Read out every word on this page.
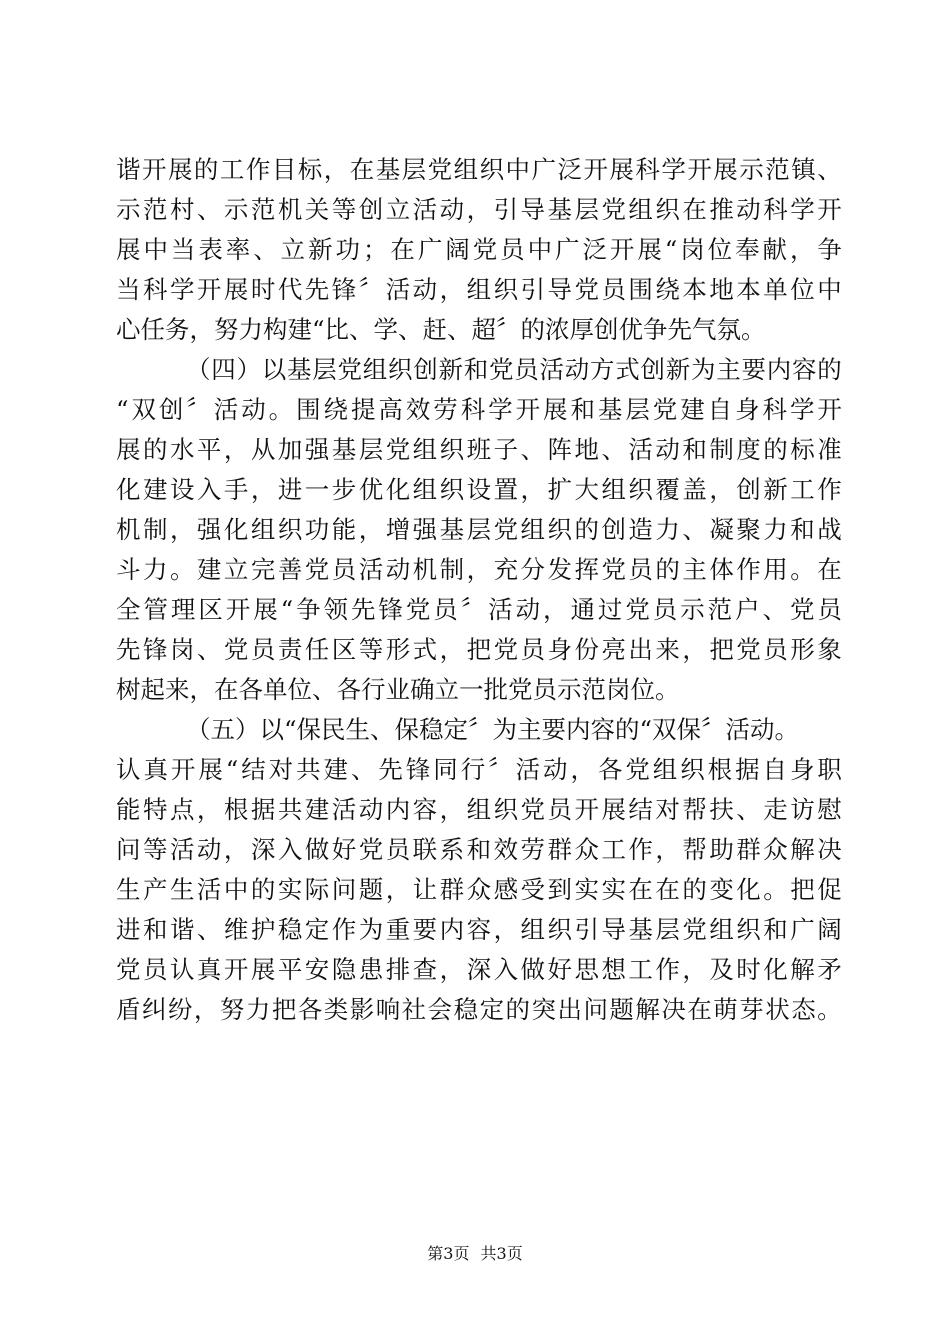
谐 开 展 的 工 作 目 标 ， 在 基 层 党 组 织 中 广 泛 开 展 科 学 开 展 示 范 镇 、
示 范 村 、 示 范 机 关 等 创 立 活 动 ， 引 导 基 层 党 组 织 在 推 动 科 学 开
展 中 当 表 率 、 立 新 功 ； 在 广 阔 党 员 中 广 泛 开 展 “ 岗 位 奉 献 ， 争
当 科 学 开 展 时 代 先 锋 〞 活 动 ， 组 织 引 导 党 员 围 绕 本 地 本 单 位 中
心任务，努力构建“比、学、赶、超〞的浓厚创优争先气氛。
（ 四 ） 以 基 层 党 组 织 创 新 和 党 员 活 动 方 式 创 新 为 主 要 内 容 的
“ 双 创 〞 活 动 。 围 绕 提 高 效 劳 科 学 开 展 和 基 层 党 建 自 身 科 学 开
展 的 水 平 ， 从 加 强 基 层 党 组 织 班 子 、 阵 地 、 活 动 和 制 度 的 标 准
化 建 设 入 手 ， 进 一 步 优 化 组 织 设 置 ， 扩 大 组 织 覆 盖 ， 创 新 工 作
机 制 ， 强 化 组 织 功 能 ， 增 强 基 层 党 组 织 的 创 造 力 、 凝 聚 力 和 战
斗 力 。 建 立 完 善 党 员 活 动 机 制 ， 充 分 发 挥 党 员 的 主 体 作 用 。 在
全 管 理 区 开 展 “ 争 领 先 锋 党 员 〞 活 动 ， 通 过 党 员 示 范 户 、 党 员
先 锋 岗 、 党 员 责 任 区 等 形 式 ， 把 党 员 身 份 亮 出 来 ， 把 党 员 形 象
树起来，在各单位、各行业确立一批党员示范岗位。
（五）以“保民生、保稳定〞为主要内容的“双保〞活动。
认 真 开 展 “ 结 对 共 建 、 先 锋 同 行 〞 活 动 ， 各 党 组 织 根 据 自 身 职
能 特 点 ， 根 据 共 建 活 动 内 容 ， 组 织 党 员 开 展 结 对 帮 扶 、 走 访 慰
问 等 活 动 ， 深 入 做 好 党 员 联 系 和 效 劳 群 众 工 作 ， 帮 助 群 众 解 决
生 产 生 活 中 的 实 际 问 题 ， 让 群 众 感 受 到 实 实 在 在 的 变 化 。 把 促
进 和 谐 、 维 护 稳 定 作 为 重 要 内 容 ， 组 织 引 导 基 层 党 组 织 和 广 阔
党 员 认 真 开 展 平 安 隐 患 排 查 ， 深 入 做 好 思 想 工 作 ， 及 时 化 解 矛
盾 纠 纷 ， 努 力 把 各 类 影 响 社 会 稳 定 的 突 出 问 题 解 决 在 萌 芽 状 态 。
第3页 共3页
